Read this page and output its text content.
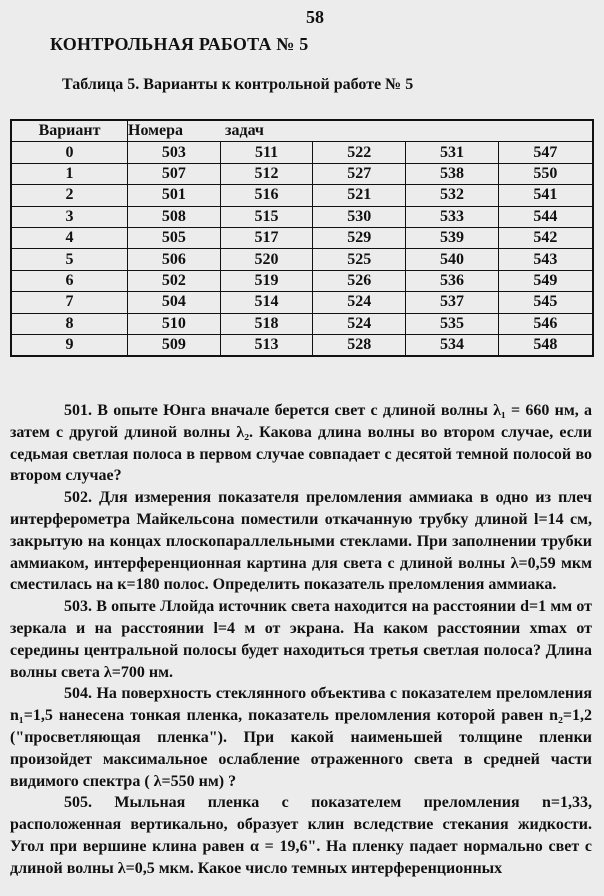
58
КОНТРОЛЬНАЯ РАБОТА № 5
Таблица 5. Варианты к контрольной работе № 5
Вариант	Номера задач				
0	503	511	522	531	547
1	507	512	527	538	550
2	501	516	521	532	541
3	508	515	530	533	544
4	505	517	529	539	542
5	506	520	525	540	543
6	502	519	526	536	549
7	504	514	524	537	545
8	510	518	524	535	546
9	509	513	528	534	548

501. В опыте Юнга вначале берется свет с длиной волны λ₁ = 660 нм, а затем с другой длиной волны λ₂. Какова длина волны во втором случае, если седьмая светлая полоса в первом случае совпадает с десятой темной полосой во втором случае?

502. Для измерения показателя преломления аммиака в одно из плеч интерферометра Майкельсона поместили откачанную трубку длиной l=14 см, закрытую на концах плоскопараллельными стеклами. При заполнении трубки аммиаком, интерференционная картина для света с длиной волны λ=0,59 мкм сместилась на к=180 полос. Определить показатель преломления аммиака.

503. В опыте Ллойда источник света находится на расстоянии d=1 мм от зеркала и на расстоянии l=4 м от экрана. На каком расстоянии xmax от середины центральной полосы будет находиться третья светлая полоса? Длина волны света λ=700 нм.

504. На поверхность стеклянного объектива с показателем преломления n₁=1,5 нанесена тонкая пленка, показатель преломления которой равен n₂=1,2 ("просветляющая пленка"). При какой наименьшей толщине пленки произойдет максимальное ослабление отраженного света в средней части видимого спектра ( λ=550 нм) ?

505. Мыльная пленка с показателем преломления n=1,33, расположенная вертикально, образует клин вследствие стекания жидкости. Угол при вершине клина равен α = 19,6". На пленку падает нормально свет с длиной волны λ=0,5 мкм. Какое число темных интерференционных
